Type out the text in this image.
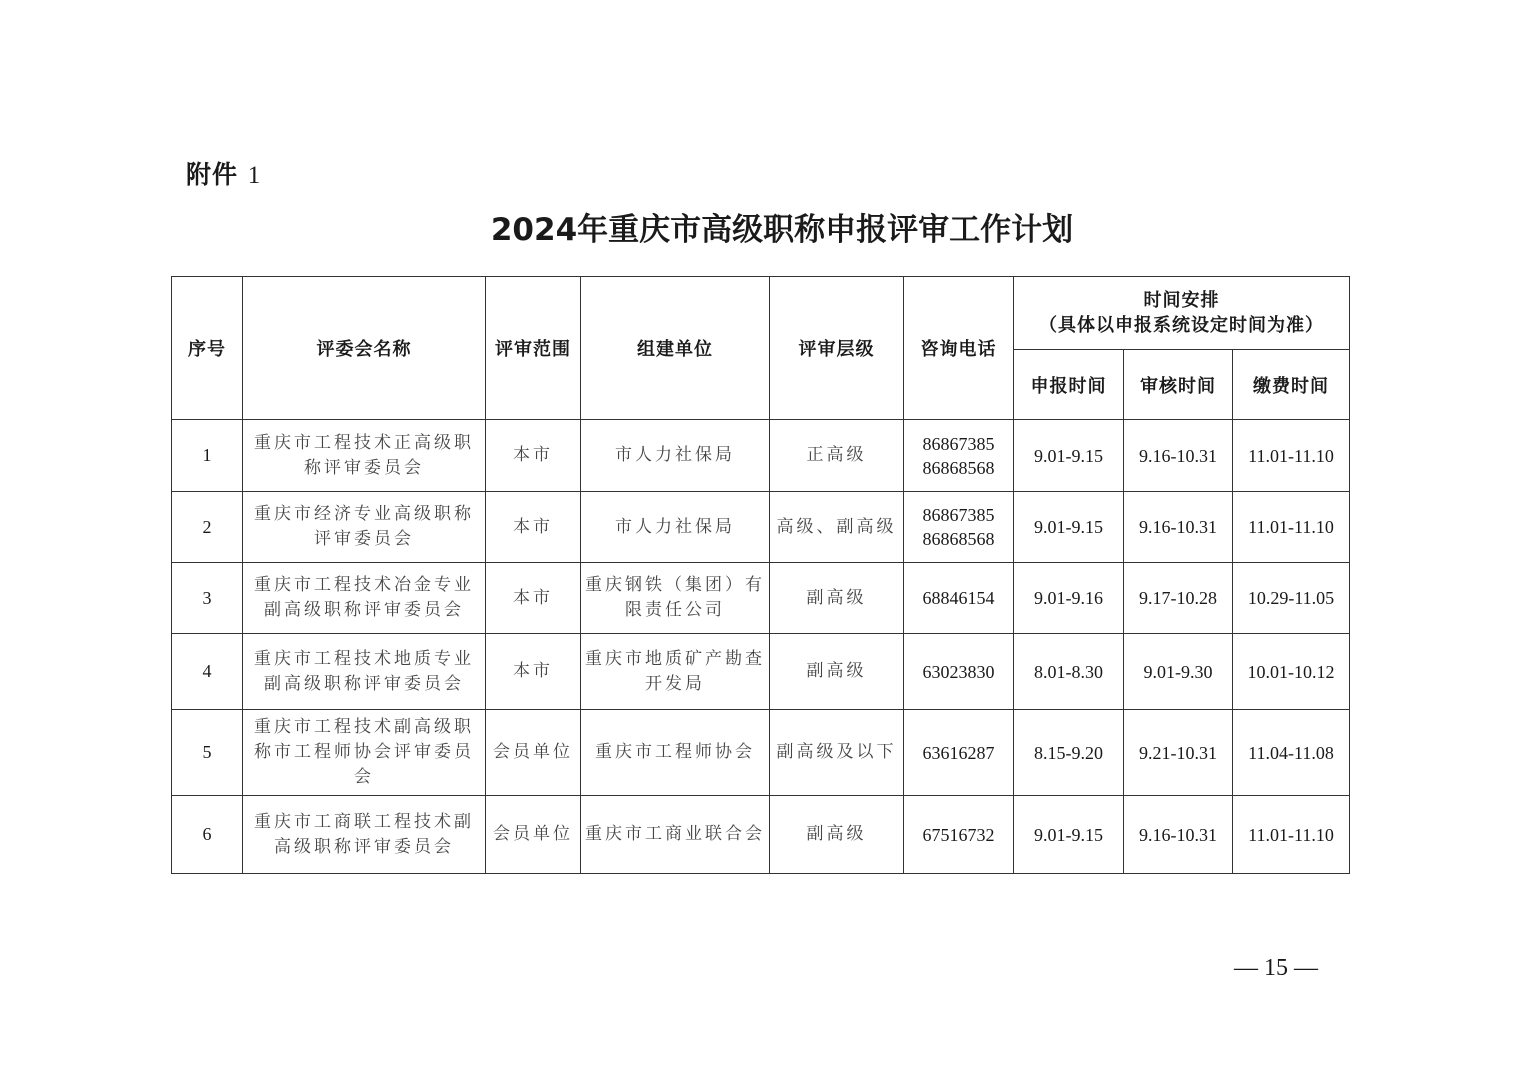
附件 1
2024年重庆市高级职称申报评审工作计划
序号	评委会名称	评审范围	组建单位	评审层级	咨询电话	时间安排
（具体以申报系统设定时间为准）		

						申报时间	审核时间	缴费时间
1	重庆市工程技术正高级职称评审委员会	本市	市人力社保局	正高级	86867385
86868568	9.01-9.15	9.16-10.31	11.01-11.10
2	重庆市经济专业高级职称评审委员会	本市	市人力社保局	高级、副高级	86867385
86868568	9.01-9.15	9.16-10.31	11.01-11.10
3	重庆市工程技术冶金专业副高级职称评审委员会	本市	重庆钢铁（集团）有限责任公司	副高级	68846154	9.01-9.16	9.17-10.28	10.29-11.05
4	重庆市工程技术地质专业副高级职称评审委员会	本市	重庆市地质矿产勘查开发局	副高级	63023830	8.01-8.30	9.01-9.30	10.01-10.12
5	重庆市工程技术副高级职称市工程师协会评审委员会	会员单位	重庆市工程师协会	副高级及以下	63616287	8.15-9.20	9.21-10.31	11.04-11.08
6	重庆市工商联工程技术副高级职称评审委员会	会员单位	重庆市工商业联合会	副高级	67516732	9.01-9.15	9.16-10.31	11.01-11.10
— 15 —
